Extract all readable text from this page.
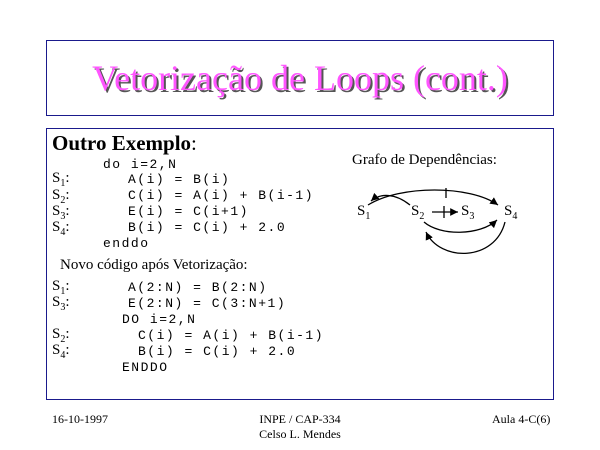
Vetorização de Loops (cont.)
Outro Exemplo:
do i=2,N
$S_1$:	A(i) = B(i)
$S_2$:	C(i) = A(i) + B(i-1)
$S_3$:	E(i) = C(i+1)
$S_4$:	B(i) = C(i) + 2.0
enddo
Grafo de Dependências:
$S_1$	$S_2$ $S_3$ $S_4$
Novo código após Vetorização:
$S_1$:	A(2:N) = B(2:N)
$S_3$:	E(2:N) = C(3:N+1)
DO i=2,N
$S_2$:	C(i) = A(i) + B(i-1)
$S_4$:	B(i) = C(i) + 2.0
ENDDO
16-10-1997	INPE / CAP-334
Celso L. Mendes
Aula 4-C(6)
